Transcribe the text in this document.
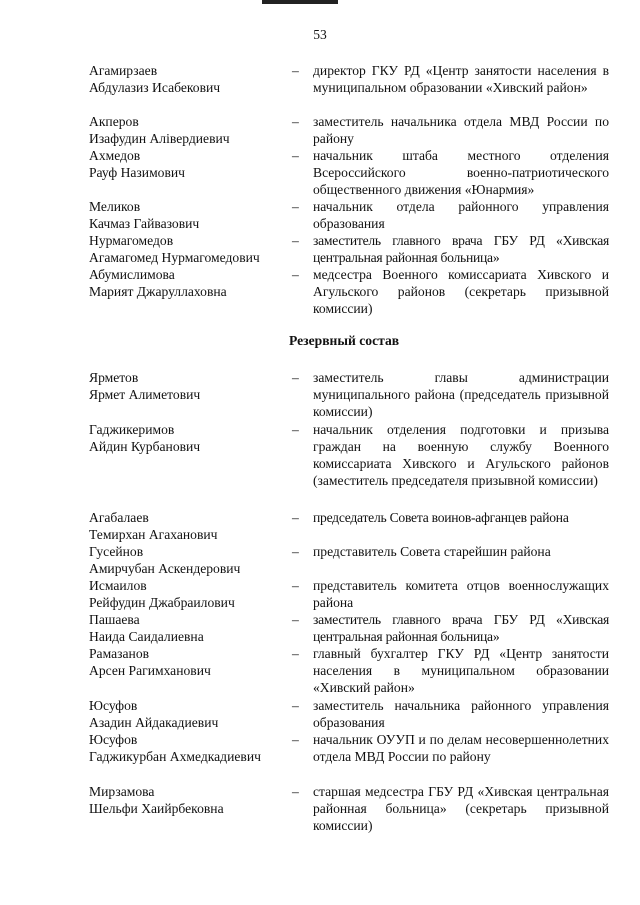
53
Агамирзаев
Абдулазиз Исабекович
–	директор ГКУ РД «Центр занятости населения в муниципальном образовании «Хивский район»
Акперов
Изафудин Алівердиевич
–	заместитель начальника отдела МВД России по району
Ахмедов
Рауф Назимович
–	начальник штаба местного отделения Всероссийского военно-патриотического общественного движения «Юнармия»
Меликов
Качмаз Гайвазович
–	начальник отдела районного управления образования
Нурмагомедов
Агамагомед Нурмагомедович
–	заместитель главного врача ГБУ РД «Хивская центральная районная больница»
Абумислимова
Марият Джаруллаховна
–	медсестра Военного комиссариата Хивского и Агульского районов (секретарь призывной комиссии)
Резервный состав
Ярметов
Ярмет Алиметович
–	заместитель главы администрации муниципального района (председатель призывной комиссии)
Гаджикеримов
Айдин Курбанович
–	начальник отделения подготовки и призыва граждан на военную службу Военного комиссариата Хивского и Агульского районов (заместитель председателя призывной комиссии)
Агабалаев
Темирхан Агаханович
–	председатель Совета воинов-афганцев района
Гусейнов
Амирчубан Аскендерович
–	представитель Совета старейшин района
Исмаилов
Рейфудин Джабраилович
–	представитель комитета отцов военнослужащих района
Пашаева
Наида Саидалиевна
–	заместитель главного врача ГБУ РД «Хивская центральная районная больница»
Рамазанов
Арсен Рагимханович
–	главный бухгалтер ГКУ РД «Центр занятости населения в муниципальном образовании «Хивский район»
Юсуфов
Азадин Айдакадиевич
–	заместитель начальника районного управления образования
Юсуфов
Гаджикурбан Ахмедкадиевич
–	начальник ОУУП и по делам несовершеннолетних отдела МВД России по району
Мирзамова
Шельфи Хаийрбековна
–	старшая медсестра ГБУ РД «Хивская центральная районная больница» (секретарь призывной комиссии)
